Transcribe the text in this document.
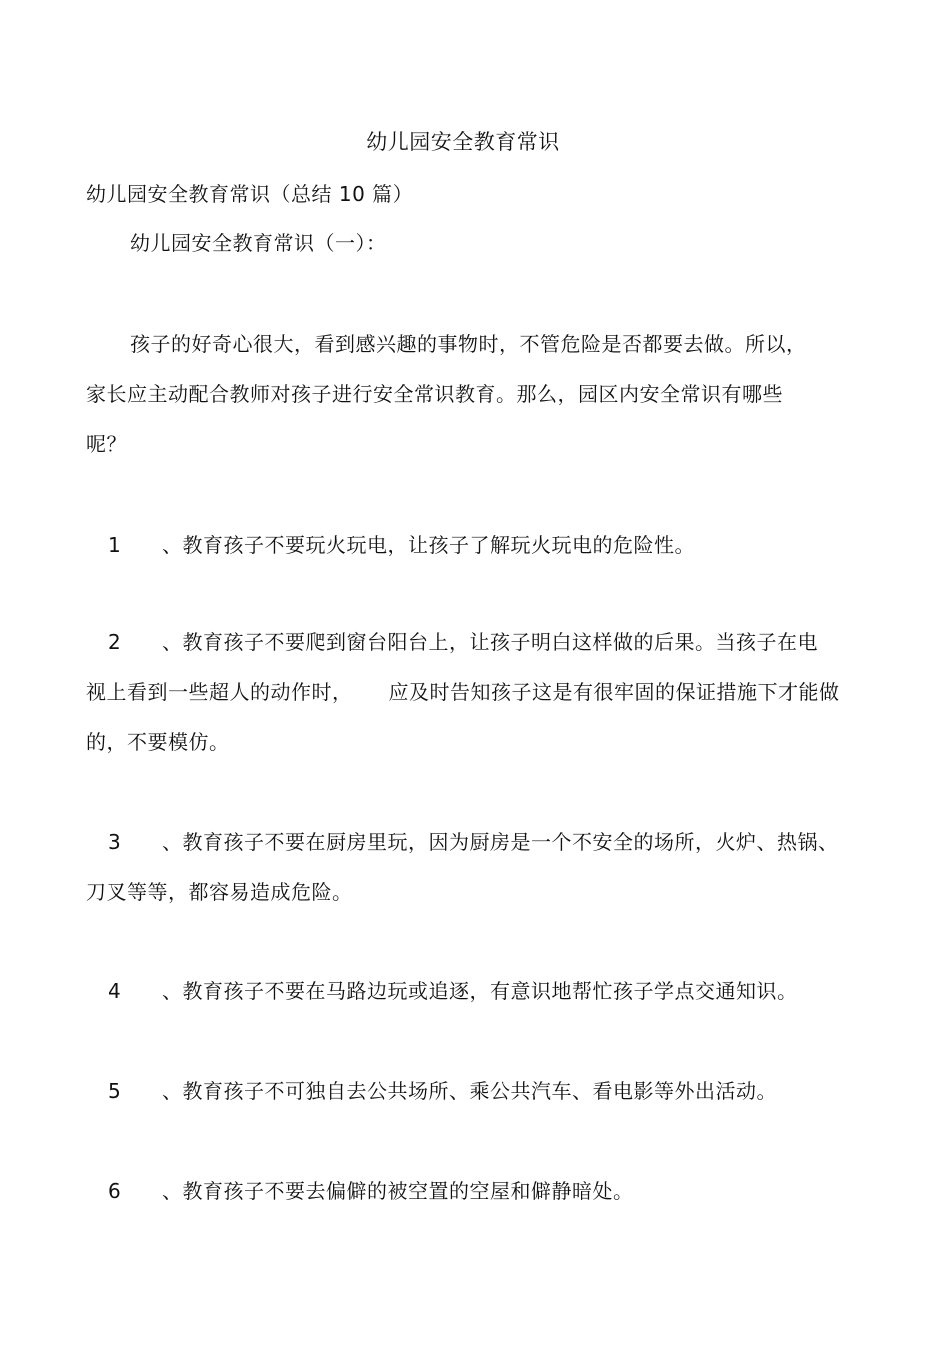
幼儿园安全教育常识
幼儿园安全教育常识（总结 10 篇）
幼儿园安全教育常识（一）：
孩子的好奇心很大，看到感兴趣的事物时，不管危险是否都要去做。所以，
家长应主动配合教师对孩子进行安全常识教育。那么，园区内安全常识有哪些
呢？
1 、教育孩子不要玩火玩电，让孩子了解玩火玩电的危险性。
2 、教育孩子不要爬到窗台阳台上，让孩子明白这样做的后果。当孩子在电
视上看到一些超人的动作时， 应及时告知孩子这是有很牢固的保证措施下才能做
的，不要模仿。
3 、教育孩子不要在厨房里玩，因为厨房是一个不安全的场所，火炉、热锅、
刀叉等等，都容易造成危险。
4 、教育孩子不要在马路边玩或追逐，有意识地帮忙孩子学点交通知识。
5 、教育孩子不可独自去公共场所、乘公共汽车、看电影等外出活动。
6 、教育孩子不要去偏僻的被空置的空屋和僻静暗处。
